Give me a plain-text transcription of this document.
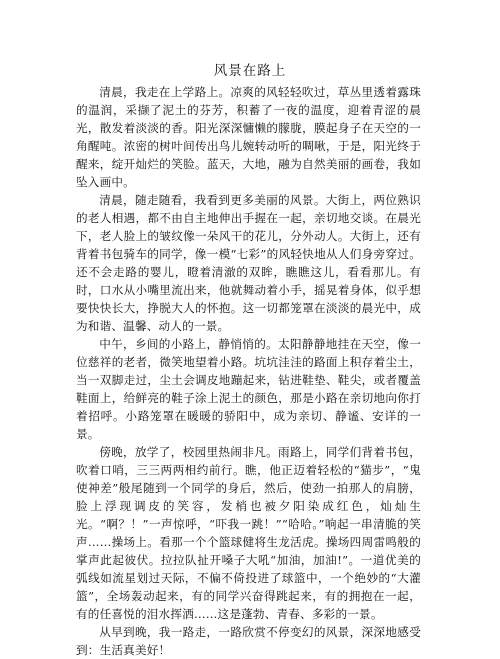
风景在路上

清晨，我走在上学路上。凉爽的风轻轻吹过，草丛里透着露珠的温润，采撷了泥土的芬芳，积蓄了一夜的温度，迎着青涩的晨光，散发着淡淡的香。阳光深深慵懒的朦胧，膜起身子在天空的一角醒吨。浓密的树叶间传出鸟儿婉转动听的啁啾，于是，阳光终于醒来，绽开灿烂的笑脸。蓝天，大地，融为自然美丽的画卷，我如坠入画中。

清晨，随走随看，我看到更多美丽的风景。大街上，两位熟识的老人相遇，都不由自主地伸出手握在一起，亲切地交谈。在晨光下，老人脸上的皱纹像一朵风干的花儿，分外动人。大街上，还有背着书包骑车的同学，像一模“七彩”的风轻快地从人们身旁穿过。还不会走路的婴儿，瞪着清澈的双眸，瞧瞧这儿，看看那儿。有时，口水从小嘴里流出来，他就舞动着小手，摇晃着身体，似乎想要快快长大，挣脱大人的怀抱。这一切都笼罩在淡淡的晨光中，成为和谐、温馨、动人的一景。

中午，乡间的小路上，静悄悄的。太阳静静地挂在天空，像一位慈祥的老者，微笑地望着小路。坑坑洼洼的路面上积存着尘土，当一双脚走过，尘土会调皮地蹦起来，钻进鞋垫、鞋尖，或者覆盖鞋面上，给鲜亮的鞋子涂上泥土的颜色，那是小路在亲切地向你打着招呼。小路笼罩在暖暖的骄阳中，成为亲切、静谧、安详的一景。

傍晚，放学了，校园里热闹非凡。雨路上，同学们背着书包，吹着口哨，三三两两相约前行。瞧，他正迈着轻松的“猫步”，“鬼使神差”般尾随到一个同学的身后，然后，使劲一拍那人的肩膀，脸上浮现调皮的笑容，发梢也被夕阳染成红色，灿灿生光。“啊？！”一声惊呼，“吓我一跳！”“哈哈。”响起一串清脆的笑声……操场上。看那一个个篮球健将生龙活虎。操场四周雷鸣般的掌声此起彼伏。拉拉队扯开嗓子大吼“加油，加油!”。一道优美的弧线如流星划过天际，不偏不倚投进了球篮中，一个绝妙的“大灌篮”，全场轰动起来，有的同学兴奋得跳起来，有的拥抱在一起，有的任喜悦的泪水挥洒……这是蓬勃、青春、多彩的一景。

从早到晚，我一路走，一路欣赏不停变幻的风景，深深地感受到：生活真美好！
